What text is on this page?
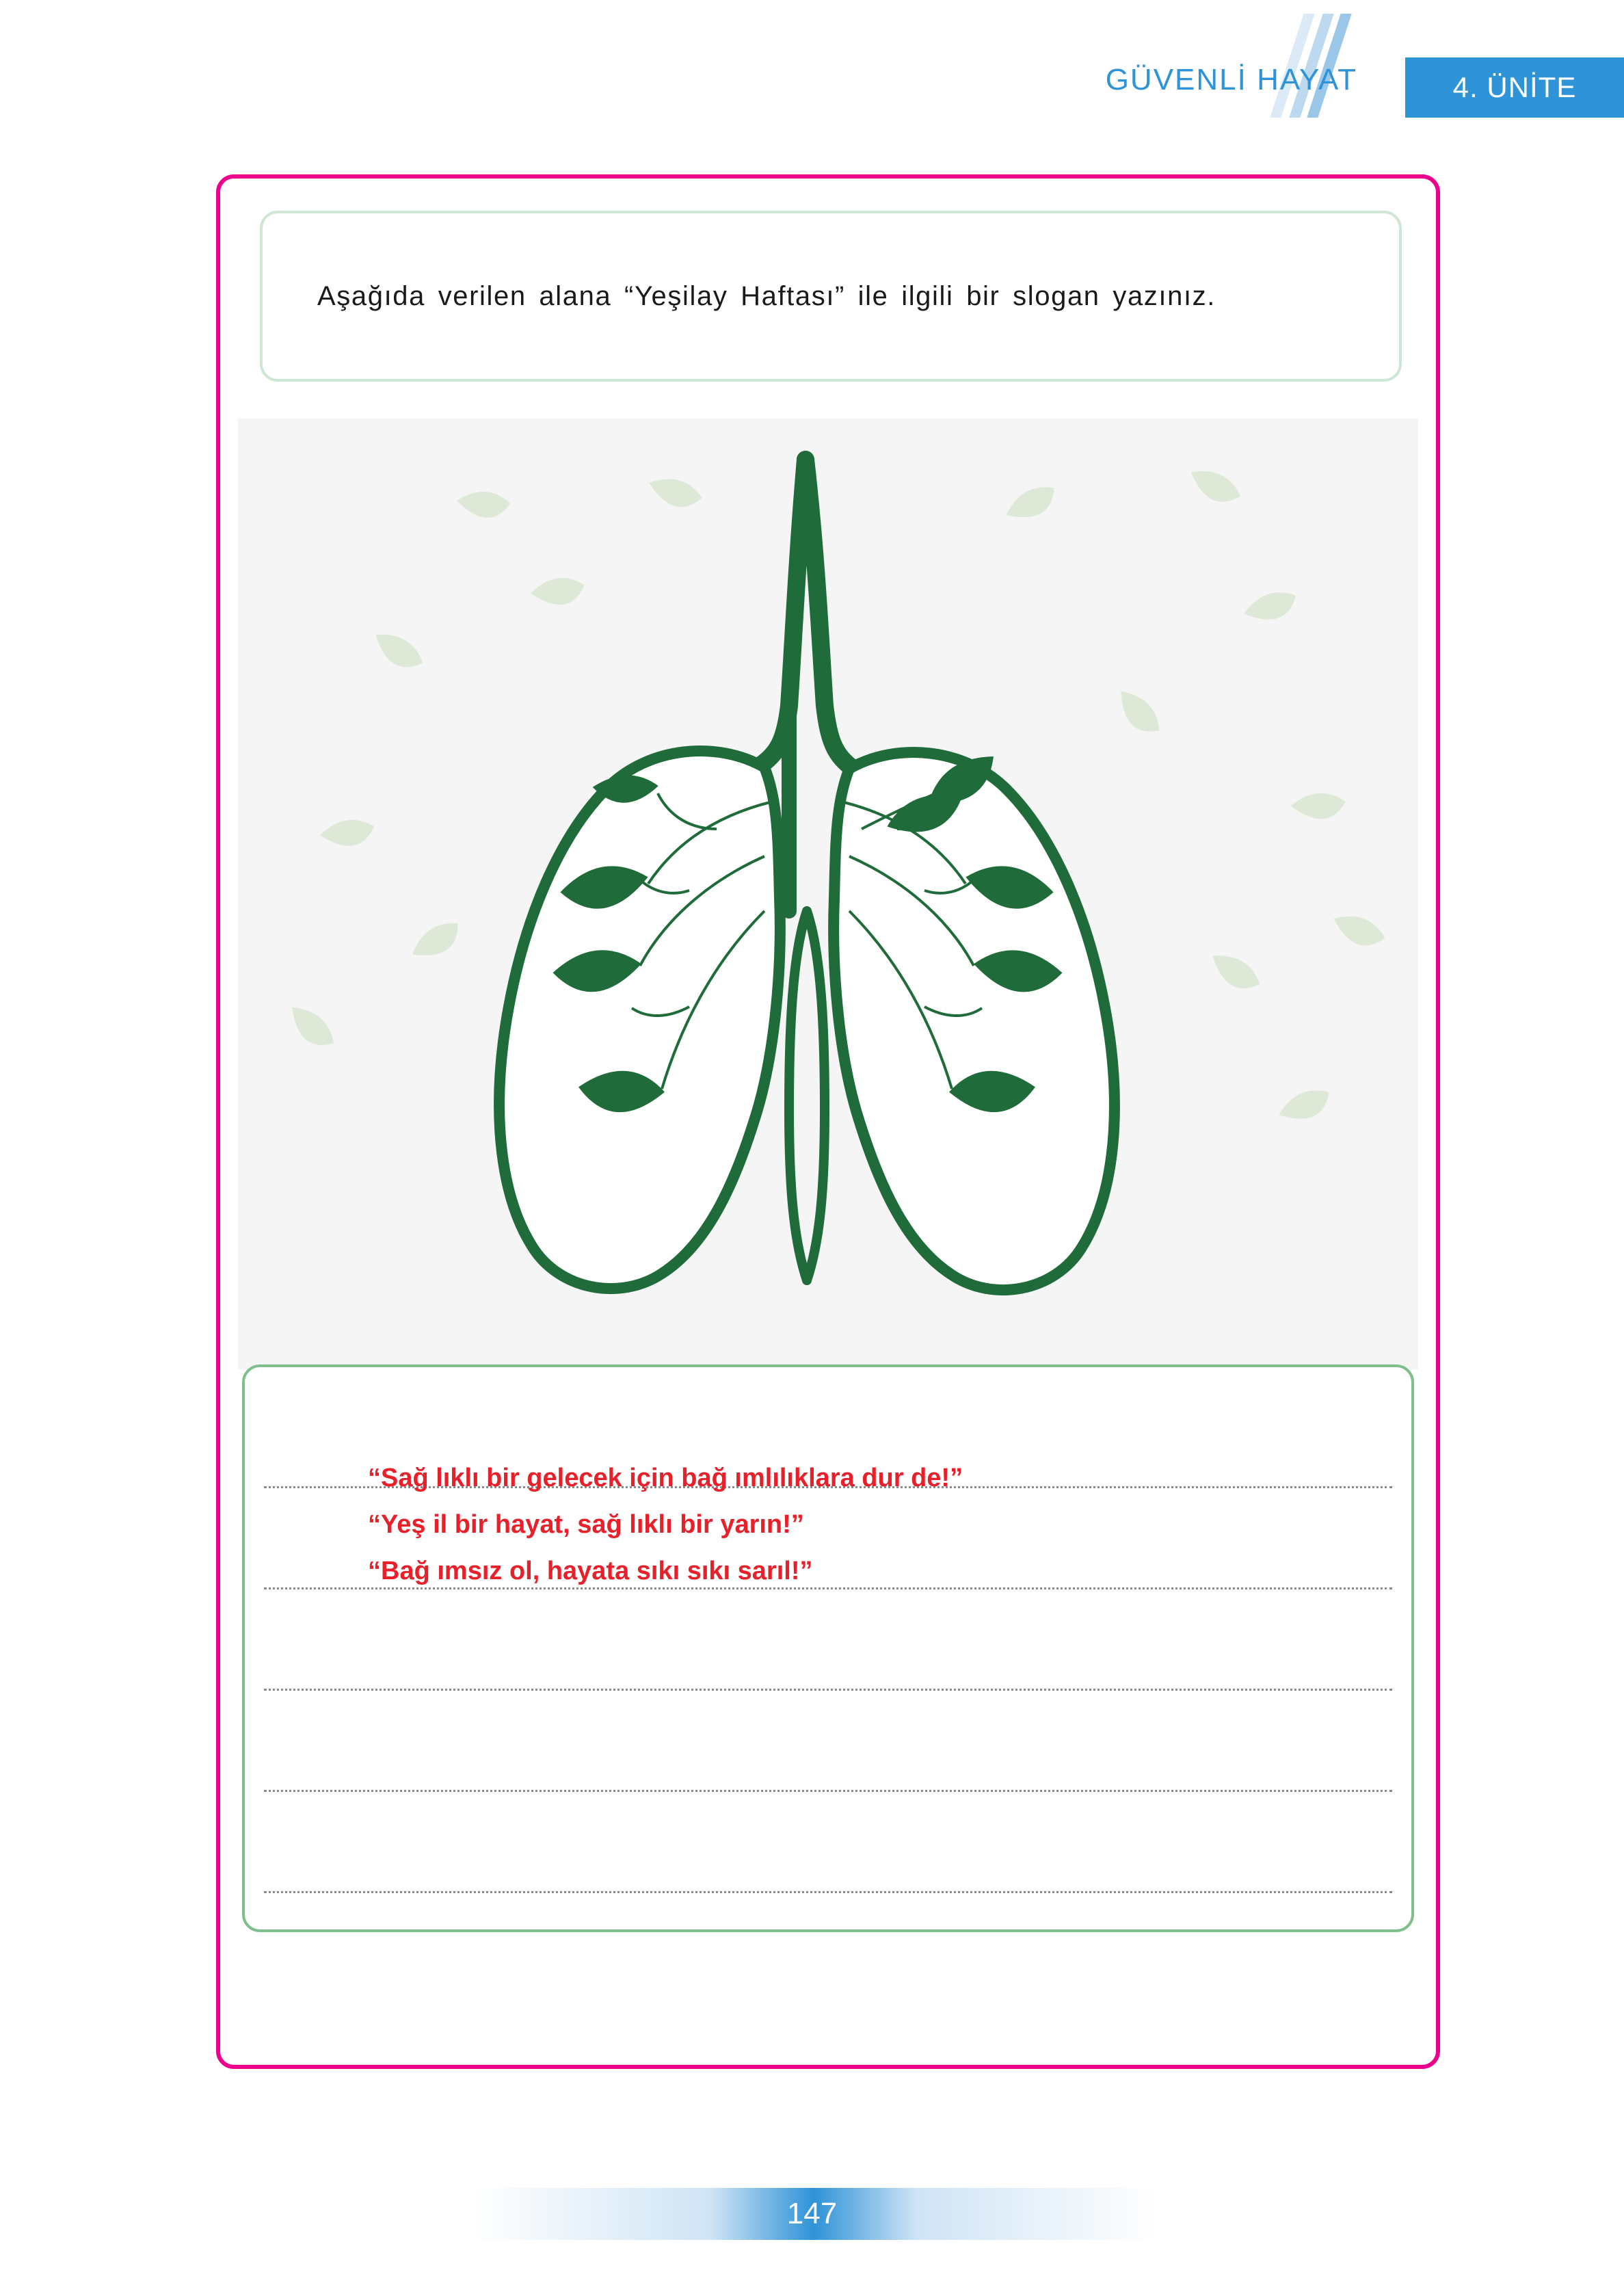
GÜVENLİ HAYAT	4. ÜNİTE
Aşağıda verilen alana “Yeşilay Haftası” ile ilgili bir slogan yazınız.
“Sağ lıklı bir gelecek için bağ ımlılıklara dur de!”
“Yeş il bir hayat, sağ lıklı bir yarın!”
“Bağ ımsız ol, hayata sıkı sıkı sarıl!”
147
